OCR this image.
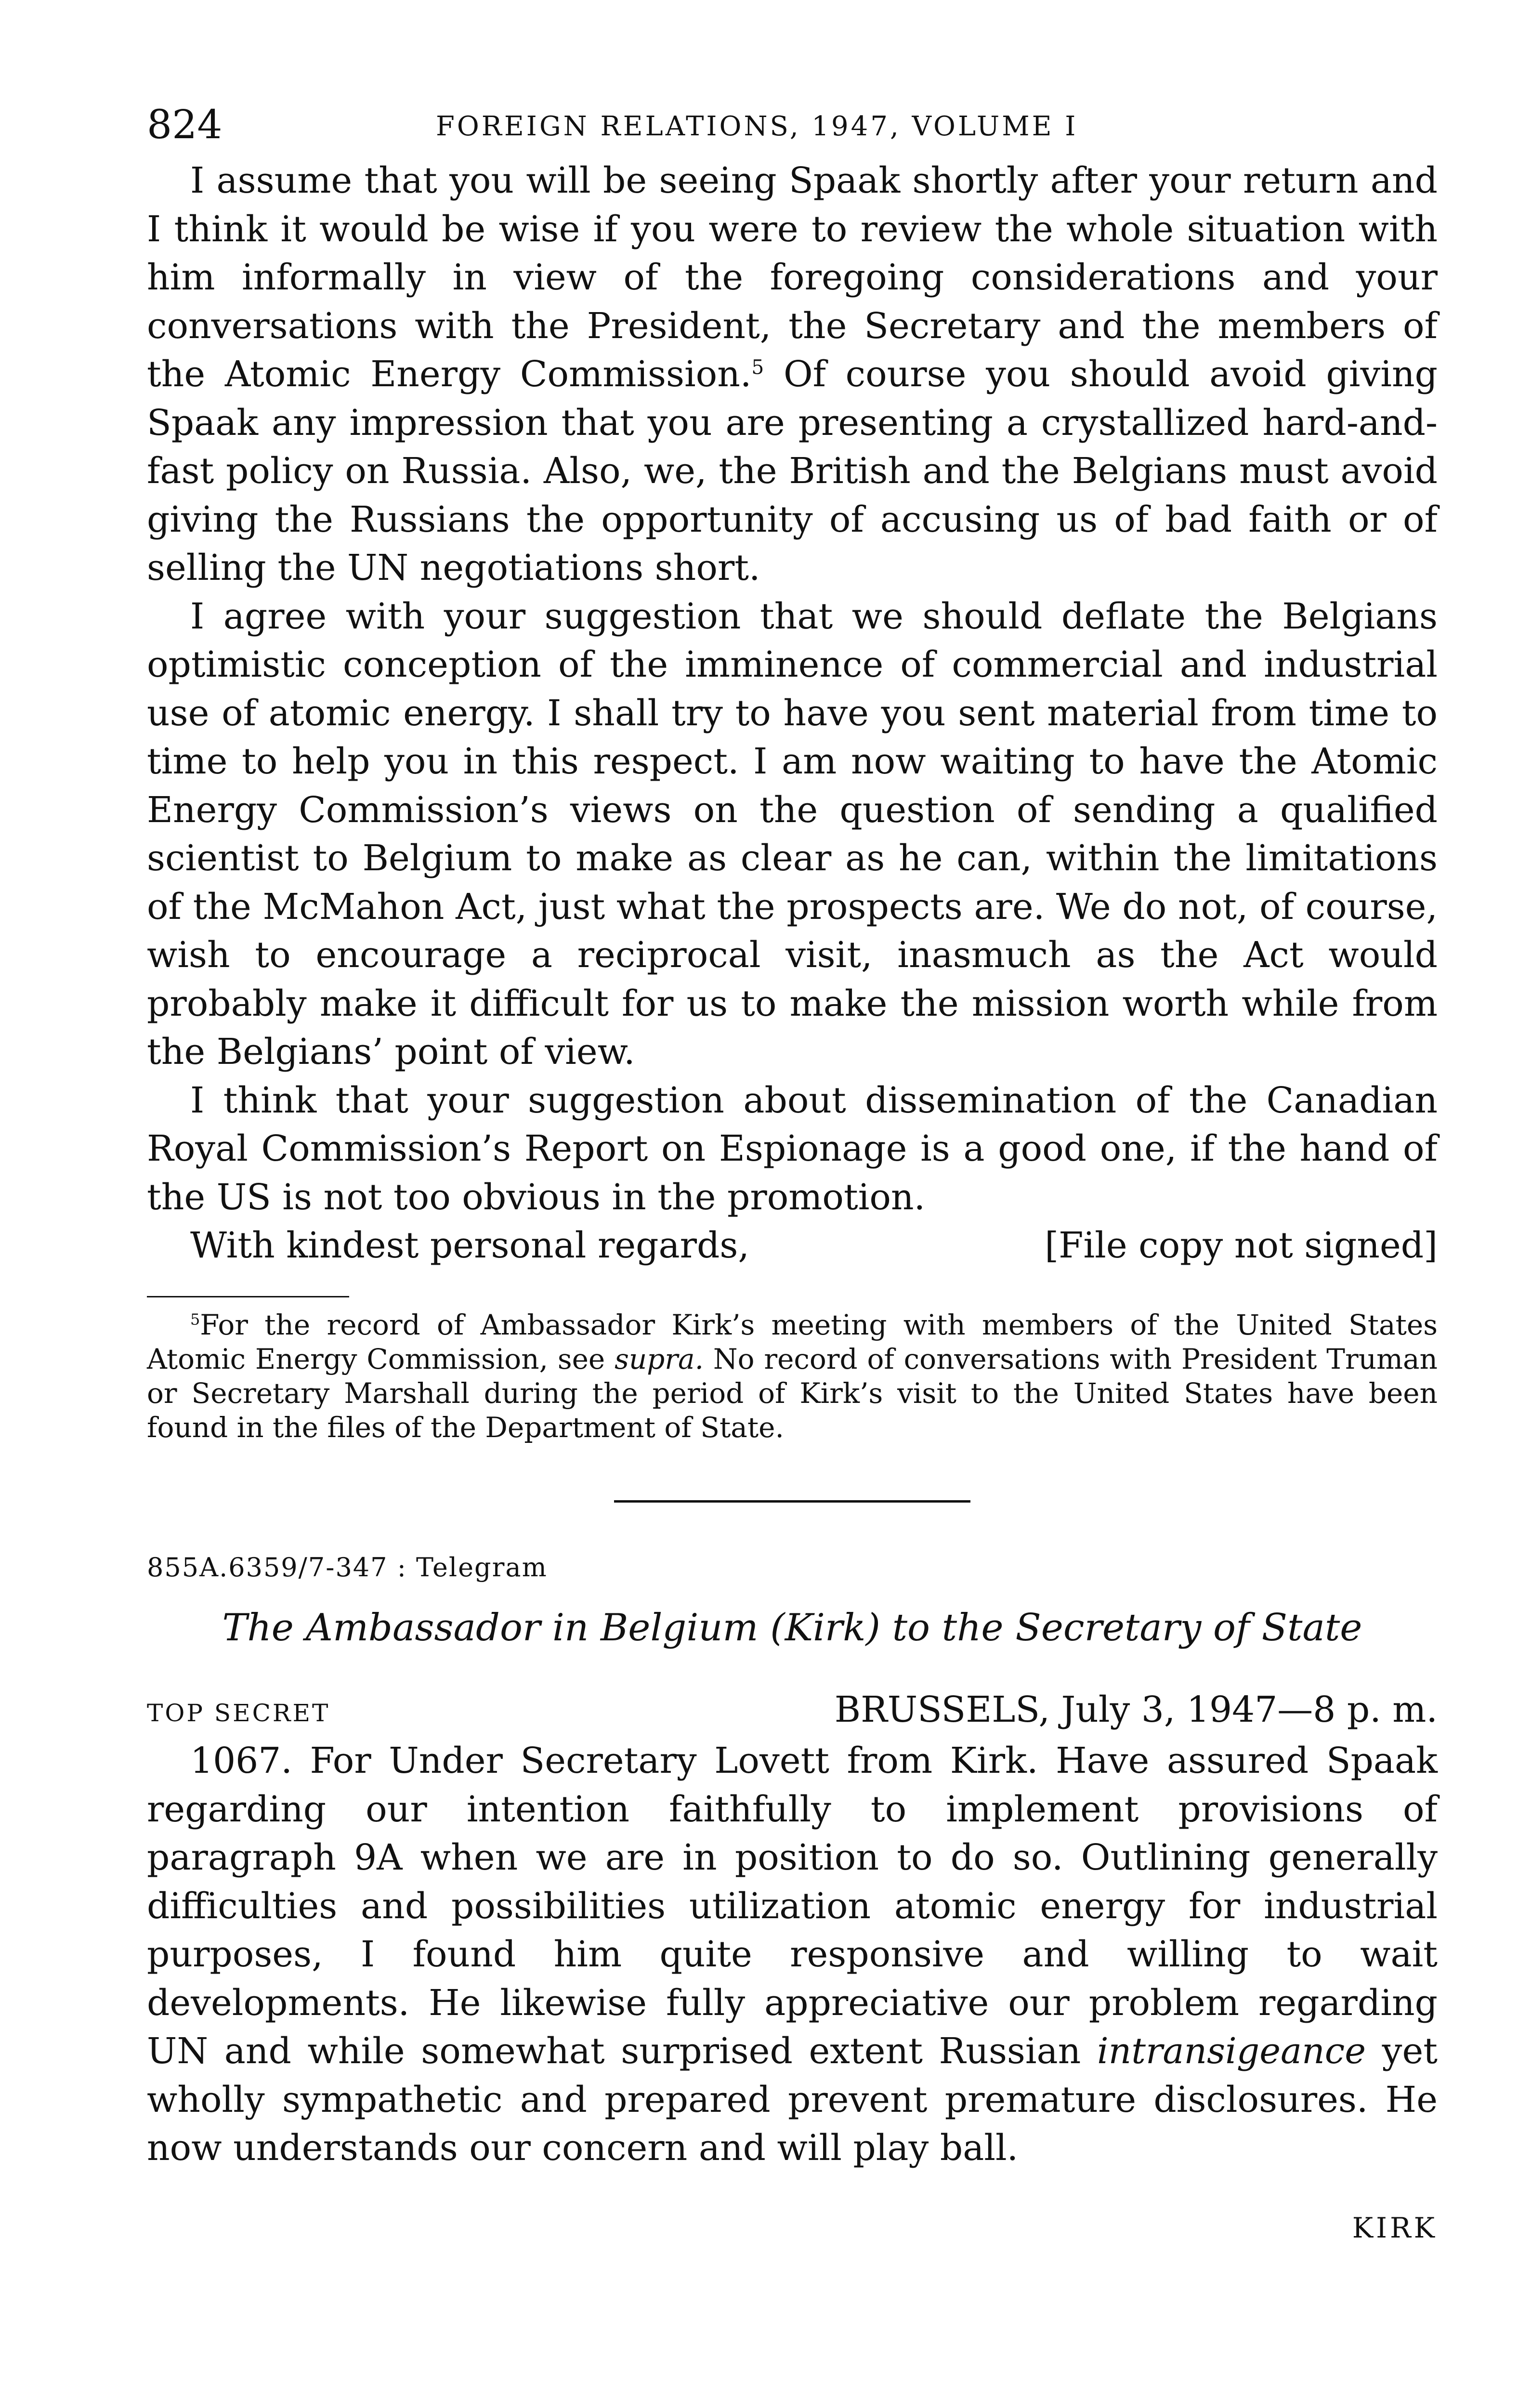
824	FOREIGN RELATIONS, 1947, VOLUME I

I assume that you will be seeing Spaak shortly after your return and I think it would be wise if you were to review the whole situation with him informally in view of the foregoing considerations and your conversations with the President, the Secretary and the members of the Atomic Energy Commission.$^5$ Of course you should avoid giving Spaak any impression that you are presenting a crystallized hard-and-fast policy on Russia. Also, we, the British and the Belgians must avoid giving the Russians the opportunity of accusing us of bad faith or of selling the UN negotiations short.

I agree with your suggestion that we should deflate the Belgians optimistic conception of the imminence of commercial and industrial use of atomic energy. I shall try to have you sent material from time to time to help you in this respect. I am now waiting to have the Atomic Energy Commission’s views on the question of sending a qualified scientist to Belgium to make as clear as he can, within the limitations of the McMahon Act, just what the prospects are. We do not, of course, wish to encourage a reciprocal visit, inasmuch as the Act would probably make it difficult for us to make the mission worth while from the Belgians’ point of view.

I think that your suggestion about dissemination of the Canadian Royal Commission’s Report on Espionage is a good one, if the hand of the US is not too obvious in the promotion.

With kindest personal regards,	[File copy not signed]

$^5$For the record of Ambassador Kirk’s meeting with members of the United States Atomic Energy Commission, see supra. No record of conversations with President Truman or Secretary Marshall during the period of Kirk’s visit to the United States have been found in the files of the Department of State.

855A.6359/7-347 : Telegram
The Ambassador in Belgium (Kirk) to the Secretary of State
TOP SECRET	BRUSSELS, July 3, 1947—8 p. m.

1067. For Under Secretary Lovett from Kirk. Have assured Spaak regarding our intention faithfully to implement provisions of paragraph 9A when we are in position to do so. Outlining generally difficulties and possibilities utilization atomic energy for industrial purposes, I found him quite responsive and willing to wait developments. He likewise fully appreciative our problem regarding UN and while somewhat surprised extent Russian intransigeance yet wholly sympathetic and prepared prevent premature disclosures. He now understands our concern and will play ball.

KIRK
